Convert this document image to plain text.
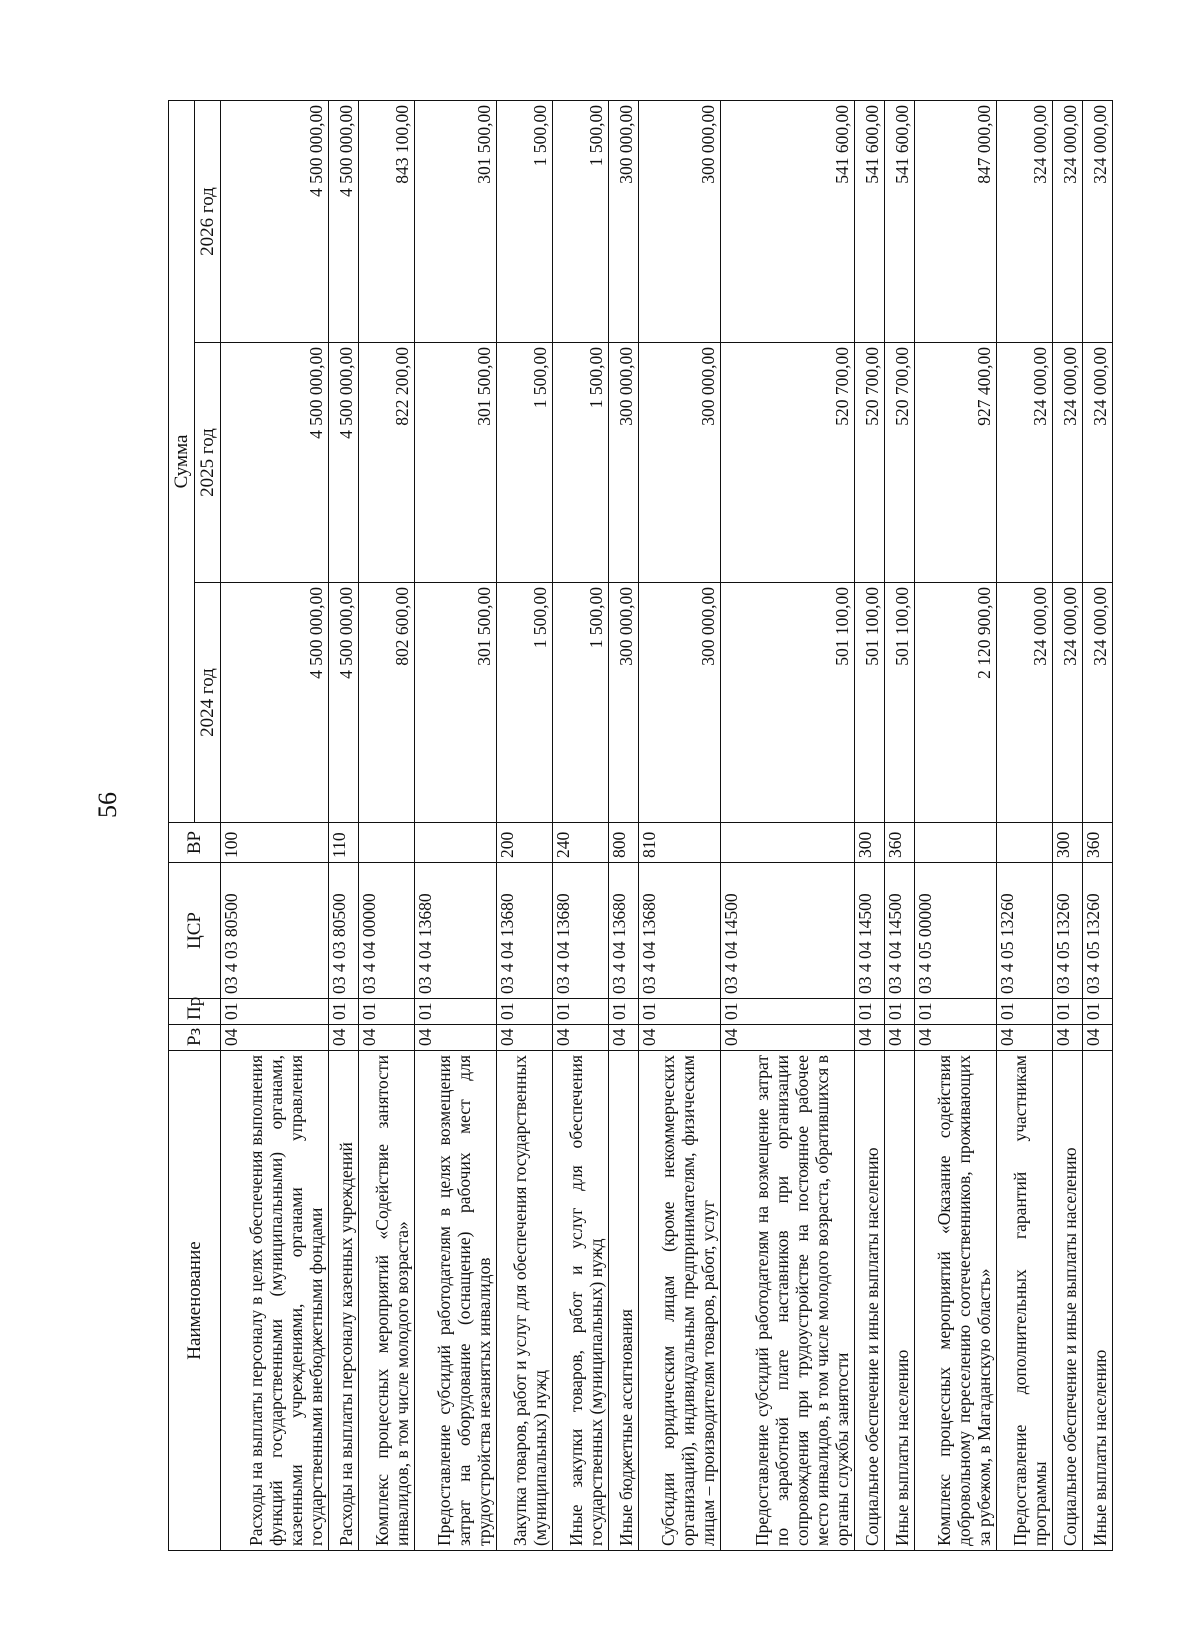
56
Наименование	Рз	Пр	ЦСР	ВР	Сумма		
					2024 год	2025 год	2026 год
Расходы на выплаты персоналу в целях обеспечения выполнения функций государственными (муниципальными) органами, казенными учреждениями, органами управления государственными внебюджетными фондами	04	01	03 4 03 80500	100	4 500 000,00	4 500 000,00	4 500 000,00
Расходы на выплаты персоналу казенных учреждений	04	01	03 4 03 80500	110	4 500 000,00	4 500 000,00	4 500 000,00
Комплекс процессных мероприятий «Содействие занятости инвалидов, в том числе молодого возраста»	04	01	03 4 04 00000		802 600,00	822 200,00	843 100,00
Предоставление субсидий работодателям в целях возмещения затрат на оборудование (оснащение) рабочих мест для трудоустройства незанятых инвалидов	04	01	03 4 04 13680		301 500,00	301 500,00	301 500,00
Закупка товаров, работ и услуг для обеспечения государственных (муниципальных) нужд	04	01	03 4 04 13680	200	1 500,00	1 500,00	1 500,00
Иные закупки товаров, работ и услуг для обеспечения государственных (муниципальных) нужд	04	01	03 4 04 13680	240	1 500,00	1 500,00	1 500,00
Иные бюджетные ассигнования	04	01	03 4 04 13680	800	300 000,00	300 000,00	300 000,00
Субсидии юридическим лицам (кроме некоммерческих организаций), индивидуальным предпринимателям, физическим лицам – производителям товаров, работ, услуг	04	01	03 4 04 13680	810	300 000,00	300 000,00	300 000,00
Предоставление субсидий работодателям на возмещение затрат по заработной плате наставников при организации сопровождения при трудоустройстве на постоянное рабочее место инвалидов, в том числе молодого возраста, обратившихся в органы службы занятости	04	01	03 4 04 14500		501 100,00	520 700,00	541 600,00
Социальное обеспечение и иные выплаты населению	04	01	03 4 04 14500	300	501 100,00	520 700,00	541 600,00
Иные выплаты населению	04	01	03 4 04 14500	360	501 100,00	520 700,00	541 600,00
Комплекс процессных мероприятий «Оказание содействия добровольному переселению соотечественников, проживающих за рубежом, в Магаданскую область»	04	01	03 4 05 00000		2 120 900,00	927 400,00	847 000,00
Предоставление дополнительных гарантий участникам программы	04	01	03 4 05 13260		324 000,00	324 000,00	324 000,00
Социальное обеспечение и иные выплаты населению	04	01	03 4 05 13260	300	324 000,00	324 000,00	324 000,00
Иные выплаты населению	04	01	03 4 05 13260	360	324 000,00	324 000,00	324 000,00
